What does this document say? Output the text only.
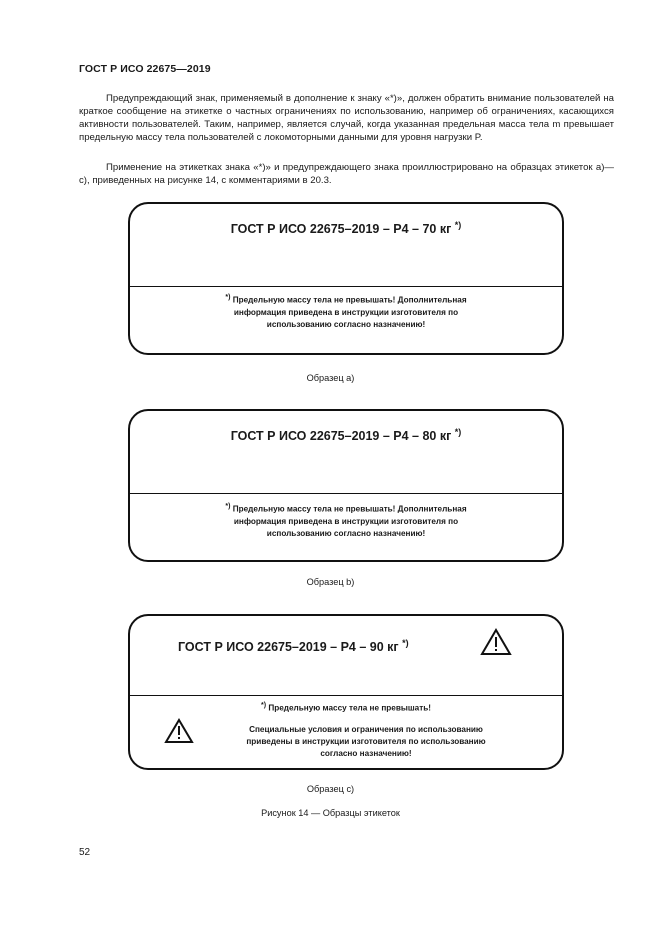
ГОСТ Р ИСО 22675—2019

Предупреждающий знак, применяемый в дополнение к знаку «*)», должен обратить внимание пользователей на краткое сообщение на этикетке о частных ограничениях по использованию, например об ограничениях, касающихся активности пользователей. Таким, например, является случай, когда указанная предельная масса тела m превышает предельную массу тела пользователей с локомоторными данными для уровня нагрузки P.

Применение на этикетках знака «*)» и предупреждающего знака проиллюстрировано на образцах этикеток a)—c), приведенных на рисунке 14, с комментариями в 20.3.

ГОСТ Р ИСО 22675–2019 – Р4 – 70 кг *)
*) Предельную массу тела не превышать! Дополнительная
информация приведена в инструкции изготовителя по
использованию согласно назначению!
Образец а)
ГОСТ Р ИСО 22675–2019 – Р4 – 80 кг *)
*) Предельную массу тела не превышать! Дополнительная
информация приведена в инструкции изготовителя по
использованию согласно назначению!
Образец b)
ГОСТ Р ИСО 22675–2019 – Р4 – 90 кг *)
*) Предельную массу тела не превышать!
Специальные условия и ограничения по использованию
приведены в инструкции изготовителя по использованию
согласно назначению!
Образец с)
Рисунок 14 — Образцы этикеток
52
